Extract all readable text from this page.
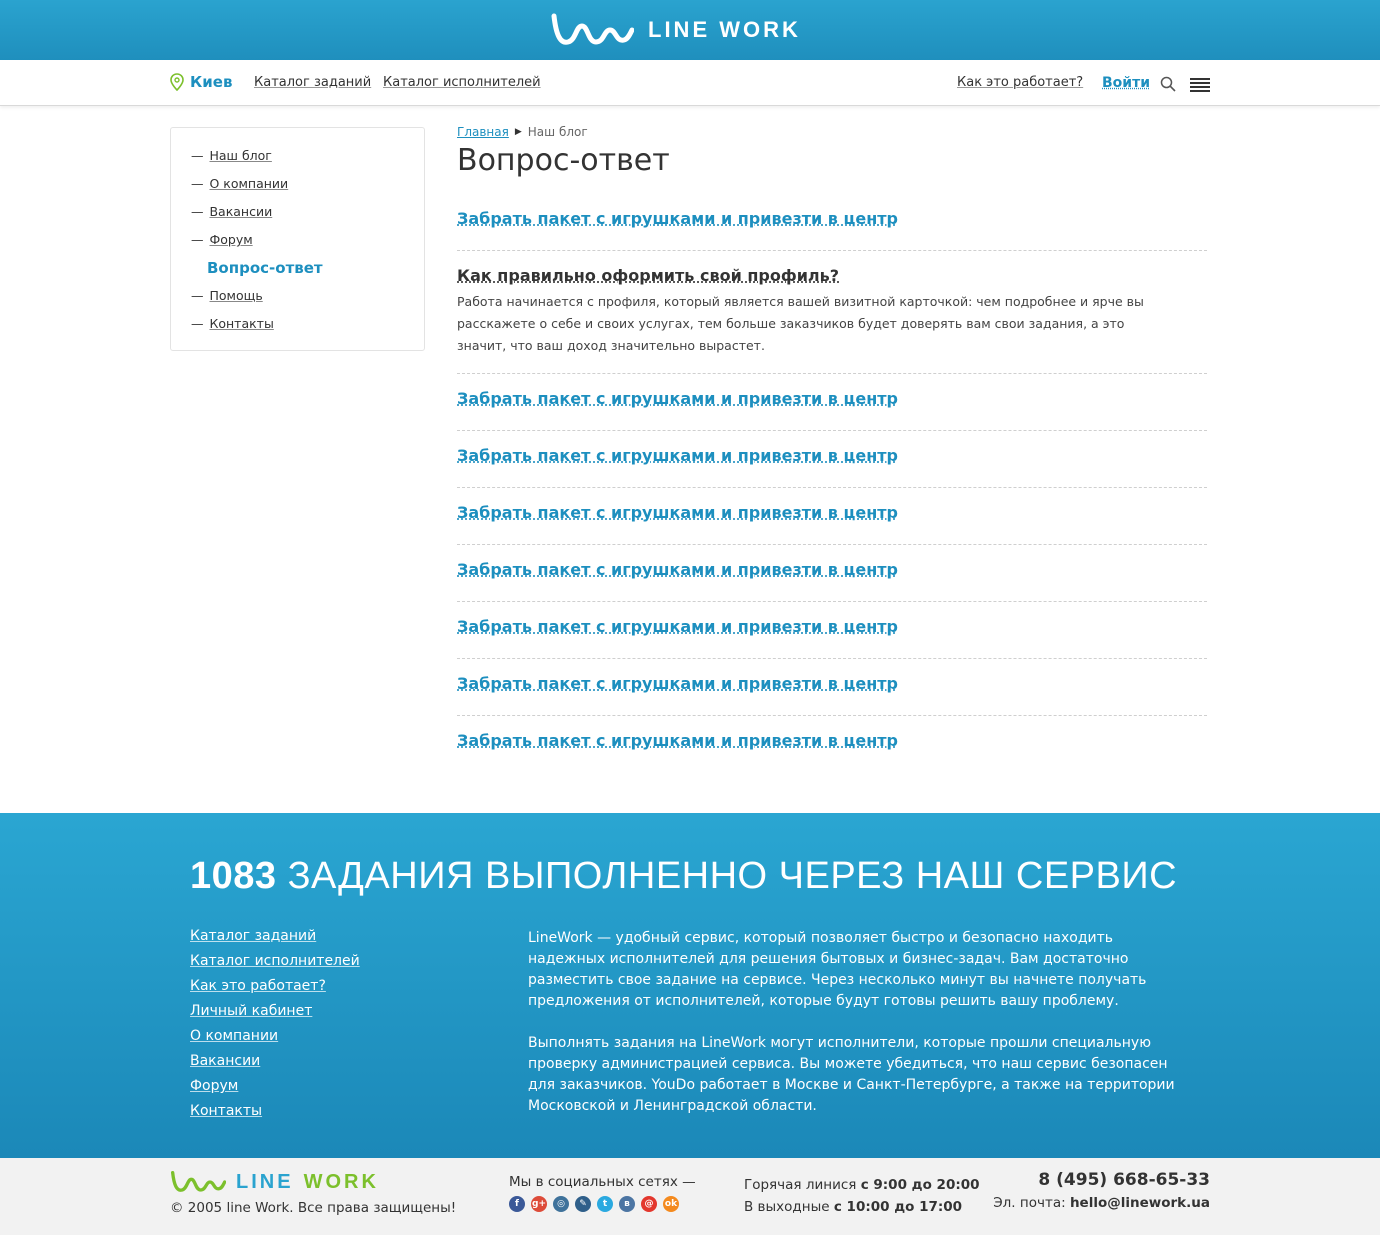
LINE WORK
Киев Каталог заданий Каталог исполнителей	Как это работает? Войти
— Наш блог
— О компании
— Вакансии
— Форум
Вопрос-ответ
— Помощь
— Контакты
Главная ▶ Наш блог
Вопрос-ответ
Забрать пакет с игрушками и привезти в центр
Как правильно оформить свой профиль?

Работа начинается с профиля, который является вашей визитной карточкой: чем подробнее и ярче вы расскажете о себе и своих услугах, тем больше заказчиков будет доверять вам свои задания, а это значит, что ваш доход значительно вырастет.

Забрать пакет с игрушками и привезти в центр
Забрать пакет с игрушками и привезти в центр
Забрать пакет с игрушками и привезти в центр
Забрать пакет с игрушками и привезти в центр
Забрать пакет с игрушками и привезти в центр
Забрать пакет с игрушками и привезти в центр
Забрать пакет с игрушками и привезти в центр
1083 ЗАДАНИЯ ВЫПОЛНЕННО ЧЕРЕЗ НАШ СЕРВИС
Каталог заданий
Каталог исполнителей
Как это работает?
Личный кабинет
О компании
Вакансии
Форум
Контакты

LineWork — удобный сервис, который позволяет быстро и безопасно находить надежных исполнителей для решения бытовых и бизнес-задач. Вам достаточно разместить свое задание на сервисе. Через несколько минут вы начнете получать предложения от исполнителей, которые будут готовы решить вашу проблему.

Выполнять задания на LineWork могут исполнители, которые прошли специальную проверку администрацией сервиса. Вы можете убедиться, что наш сервис безопасен для заказчиков. YouDo работает в Москве и Санкт-Петербурге, а также на территории Московской и Ленинградской области.

LINE WORK
© 2005 line Work. Все права защищены!
Мы в социальных сетях —
f	g+	◎	✎	t	в	@	ok
Горячая линися с 9:00 до 20:00
В выходные с 10:00 до 17:00
8 (495) 668-65-33
Эл. почта: hello@linework.ua
